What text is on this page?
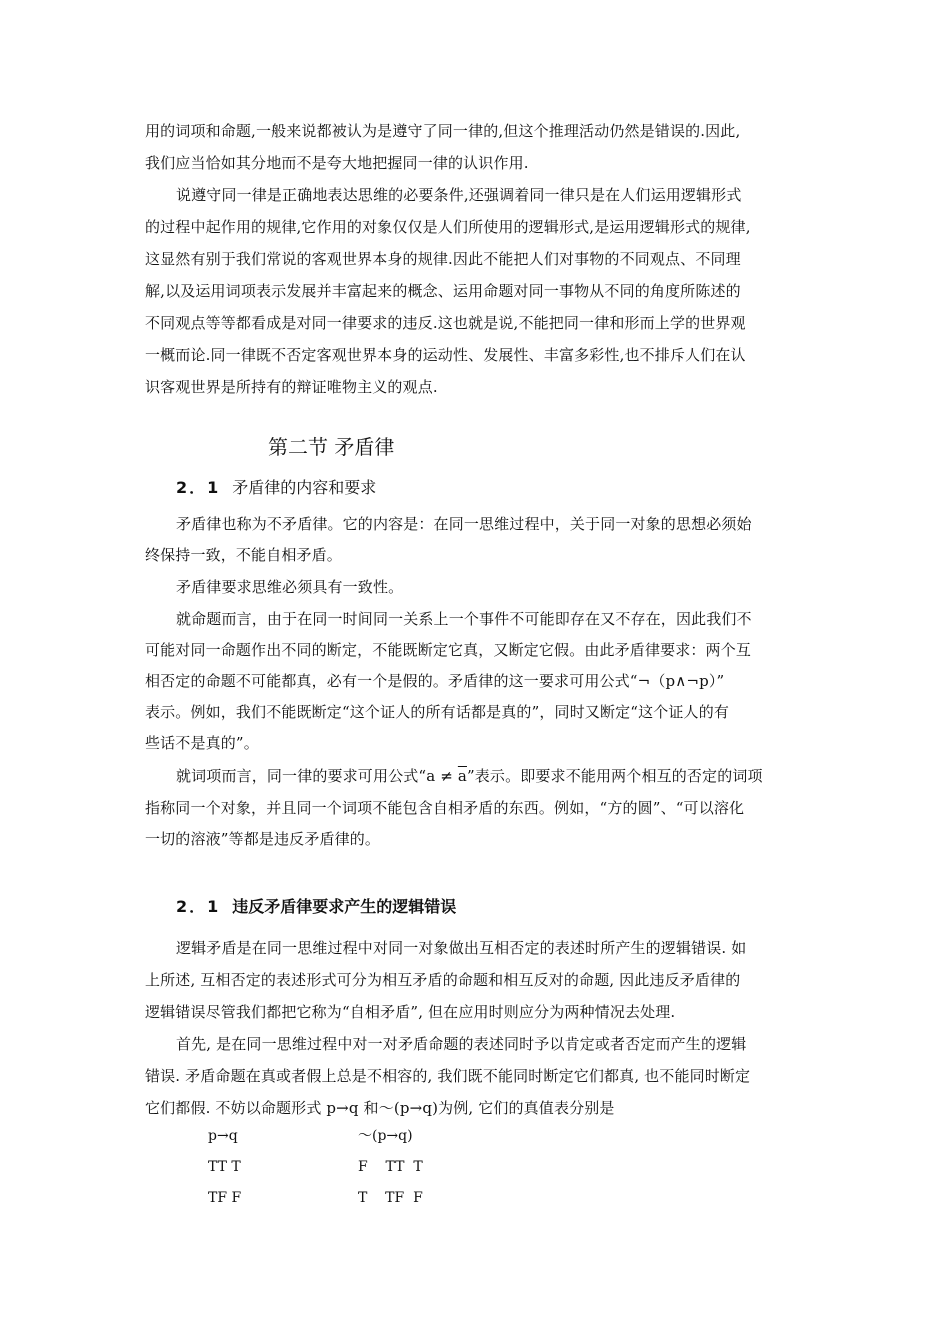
用的词项和命题,一般来说都被认为是遵守了同一律的,但这个推理活动仍然是错误的.因此,
我们应当恰如其分地而不是夸大地把握同一律的认识作用.
说遵守同一律是正确地表达思维的必要条件,还强调着同一律只是在人们运用逻辑形式
的过程中起作用的规律,它作用的对象仅仅是人们所使用的逻辑形式,是运用逻辑形式的规律,
这显然有别于我们常说的客观世界本身的规律.因此不能把人们对事物的不同观点、不同理
解,以及运用词项表示发展并丰富起来的概念、运用命题对同一事物从不同的角度所陈述的
不同观点等等都看成是对同一律要求的违反.这也就是说,不能把同一律和形而上学的世界观
一概而论.同一律既不否定客观世界本身的运动性、发展性、丰富多彩性,也不排斥人们在认
识客观世界是所持有的辩证唯物主义的观点.
第二节 矛盾律
2．1 矛盾律的内容和要求
矛盾律也称为不矛盾律。它的内容是：在同一思维过程中，关于同一对象的思想必须始
终保持一致，不能自相矛盾。
矛盾律要求思维必须具有一致性。
就命题而言，由于在同一时间同一关系上一个事件不可能即存在又不存在，因此我们不
可能对同一命题作出不同的断定，不能既断定它真，又断定它假。由此矛盾律要求：两个互
相否定的命题不可能都真，必有一个是假的。矛盾律的这一要求可用公式“¬（p∧¬p）”
表示。例如，我们不能既断定“这个证人的所有话都是真的”，同时又断定“这个证人的有
些话不是真的”。
就词项而言，同一律的要求可用公式“$a \ne \overline{a}$”表示。即要求不能用两个相互的否定的词项
指称同一个对象，并且同一个词项不能包含自相矛盾的东西。例如，“方的圆”、“可以溶化
一切的溶液”等都是违反矛盾律的。
2．1 违反矛盾律要求产生的逻辑错误
逻辑矛盾是在同一思维过程中对同一对象做出互相否定的表述时所产生的逻辑错误. 如
上所述, 互相否定的表述形式可分为相互矛盾的命题和相互反对的命题, 因此违反矛盾律的
逻辑错误尽管我们都把它称为“自相矛盾”, 但在应用时则应分为两种情况去处理.
首先, 是在同一思维过程中对一对矛盾命题的表述同时予以肯定或者否定而产生的逻辑
错误. 矛盾命题在真或者假上总是不相容的, 我们既不能同时断定它们都真, 也不能同时断定
它们都假. 不妨以命题形式 p→q 和～(p→q)为例, 它们的真值表分别是
p→q
TT T
TF F
～(p→q)
F    TT  T
T    TF  F
